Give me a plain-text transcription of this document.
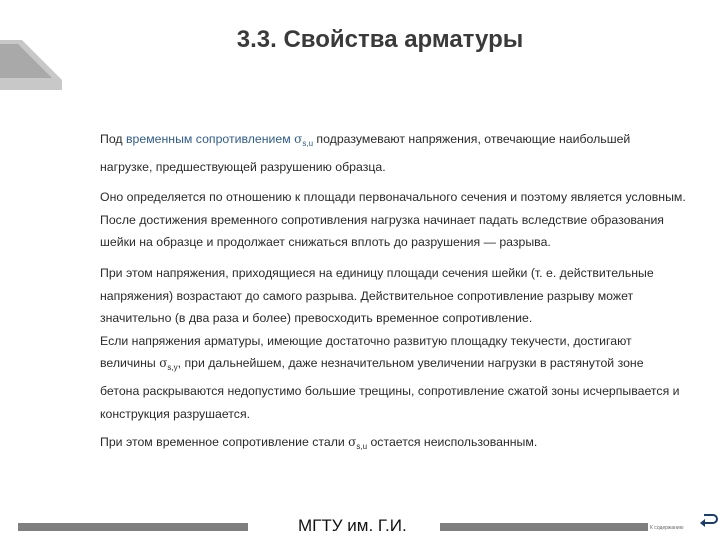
3.3. Свойства арматуры

Под временным сопротивлением $\sigma_{s,u}$ подразумевают напряжения, отвечающие наибольшей нагрузке, предшествующей разрушению образца.

Оно определяется по отношению к площади первоначального сечения и поэтому является условным. После достижения временного сопротивления нагрузка начинает падать вследствие образования шейки на образце и продолжает снижаться вплоть до разрушения — разрыва.

При этом напряжения, приходящиеся на единицу площади сечения шейки (т. е. действительные напряжения) возрастают до самого разрыва. Действительное сопротивление разрыву может значительно (в два раза и более) превосходить временное сопротивление.

Если напряжения арматуры, имеющие достаточно развитую площадку текучести, достигают величины $\sigma_{s,y}$, при дальнейшем, даже незначительном увеличении нагрузки в растянутой зоне бетона раскрываются недопустимо большие трещины, сопротивление сжатой зоны исчерпывается и конструкция разрушается.

При этом временное сопротивление стали $\sigma_{s,u}$ остается неиспользованным.

МГТУ им. Г.И.	К содержанию
